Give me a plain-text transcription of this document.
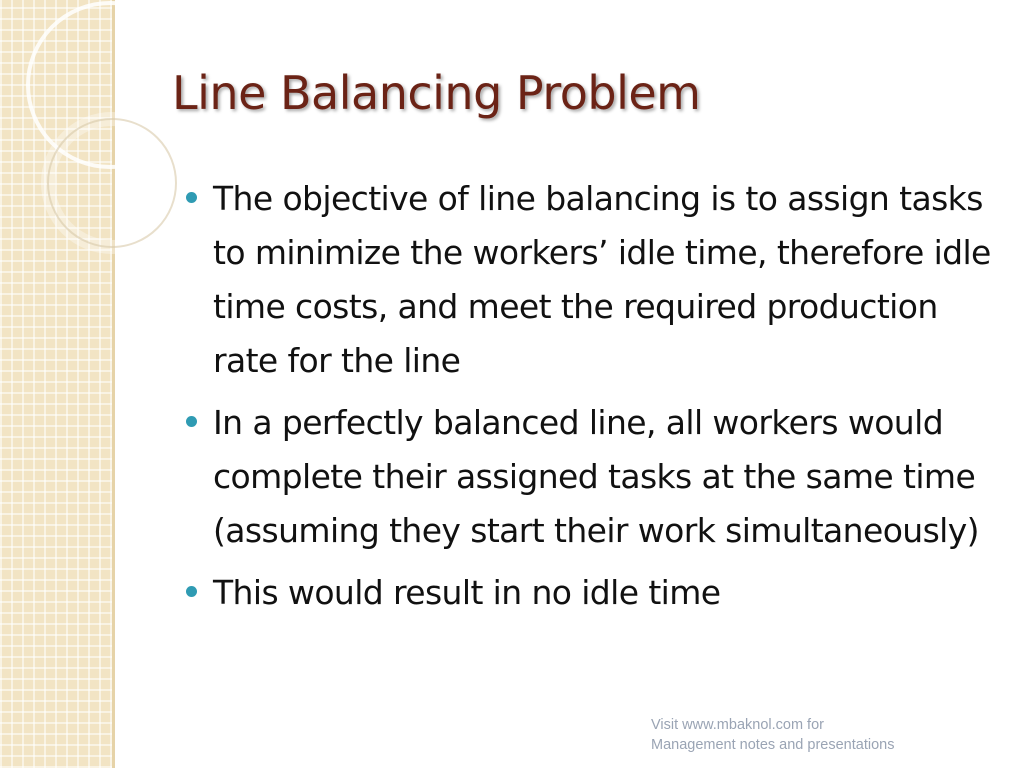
Line Balancing Problem
The objective of line balancing is to assign tasks to minimize the workers’ idle time, therefore idle time costs, and meet the required production rate for the line
In a perfectly balanced line, all workers would complete their assigned tasks at the same time (assuming they start their work simultaneously)
This would result in no idle time
Visit www.mbaknol.com for
Management notes and presentations
